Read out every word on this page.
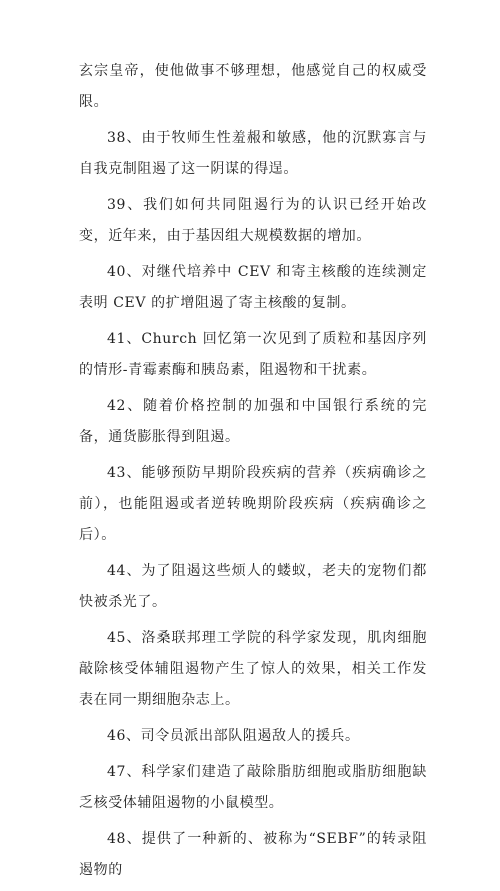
玄宗皇帝，使他做事不够理想，他感觉自己的权威受限。

38、由于牧师生性羞赧和敏感，他的沉默寡言与自我克制阻遏了这一阴谋的得逞。

39、我们如何共同阻遏行为的认识已经开始改变，近年来，由于基因组大规模数据的增加。

40、对继代培养中 CEV 和寄主核酸的连续测定表明 CEV 的扩增阻遏了寄主核酸的复制。

41、Church 回忆第一次见到了质粒和基因序列的情形-青霉素酶和胰岛素，阻遏物和干扰素。

42、随着价格控制的加强和中国银行系统的完备，通货膨胀得到阻遏。

43、能够预防早期阶段疾病的营养（疾病确诊之前），也能阻遏或者逆转晚期阶段疾病（疾病确诊之后）。

44、为了阻遏这些烦人的蝼蚁，老夫的宠物们都快被杀光了。

45、洛桑联邦理工学院的科学家发现，肌肉细胞敲除核受体辅阻遏物产生了惊人的效果，相关工作发表在同一期细胞杂志上。

46、司令员派出部队阻遏敌人的援兵。

47、科学家们建造了敲除脂肪细胞或脂肪细胞缺乏核受体辅阻遏物的小鼠模型。

48、提供了一种新的、被称为“SEBF”的转录阻遏物的
